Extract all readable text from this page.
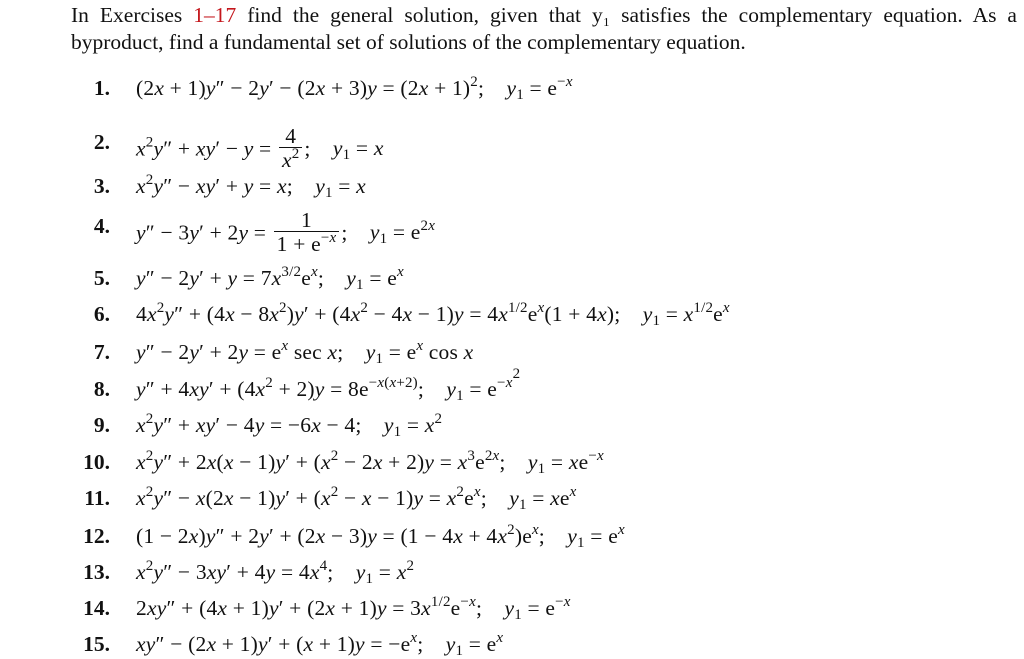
In Exercises 1–17 find the general solution, given that y₁ satisfies the complementary equation. As a byproduct, find a fundamental set of solutions of the complementary equation.
1. $(2x + 1)y'' - 2y' - (2x + 3)y = (2x + 1)^2$;    $y_1 = e^{-x}$
2. $x^2y'' + xy' - y = \frac{4}{x^2}$ ;    $y_1 = x$
3. $x^2y'' - xy' + y = x$;    $y_1 = x$
4. $y'' - 3y' + 2y = \frac{1}{1 + e^{-x}}$ ;    $y_1 = e^{2x}$
5. $y'' - 2y' + y = 7x^{3/2}e^x$;    $y_1 = e^x$
6. $4x^2y'' + (4x - 8x^2)y' + (4x^2 - 4x - 1)y = 4x^{1/2}e^x(1 + 4x)$;    $y_1 = x^{1/2}e^x$
7. $y'' - 2y' + 2y = e^x$ sec x;    $y_1 = e^x$ cos x
8. $y'' + 4xy' + (4x^2 + 2)y = 8e^{-x(x+2)}$;    $y_1 = e^{-x^2}$
9. $x^2y'' + xy' - 4y = -6x - 4$;    $y_1 = x^2$
10. $x^2y'' + 2x(x - 1)y' + (x^2 - 2x + 2)y = x^3e^{2x}$;    $y_1 = xe^{-x}$
11. $x^2y'' - x(2x - 1)y' + (x^2 - x - 1)y = x^2e^x$;    $y_1 = xe^x$
12. $(1 - 2x)y'' + 2y' + (2x - 3)y = (1 - 4x + 4x^2)e^x$;    $y_1 = e^x$
13. $x^2y'' - 3xy' + 4y = 4x^4$;    $y_1 = x^2$
14. $2xy'' + (4x + 1)y' + (2x + 1)y = 3x^{1/2}e^{-x}$;    $y_1 = e^{-x}$
15. $xy'' - (2x + 1)y' + (x + 1)y = -e^x$;    $y_1 = e^x$
